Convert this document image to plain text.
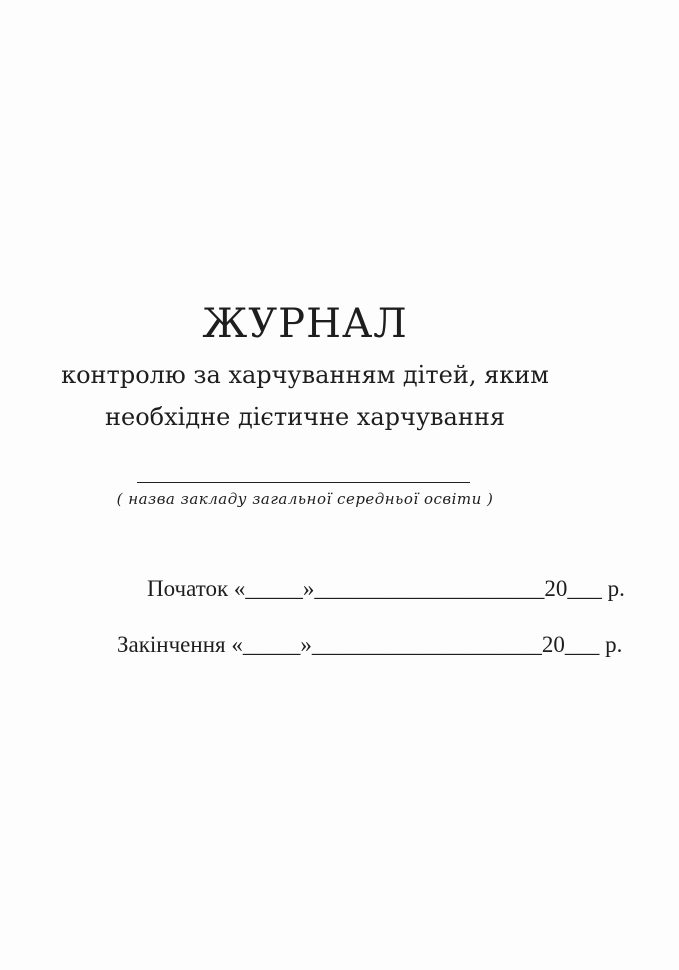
ЖУРНАЛ

контролю за харчуванням дітей, яким

необхідне дієтичне харчування

( назва закладу загальної середньої освіти )
Початок «_____»____________________20___ р.
Закінчення «_____»____________________20___ р.
